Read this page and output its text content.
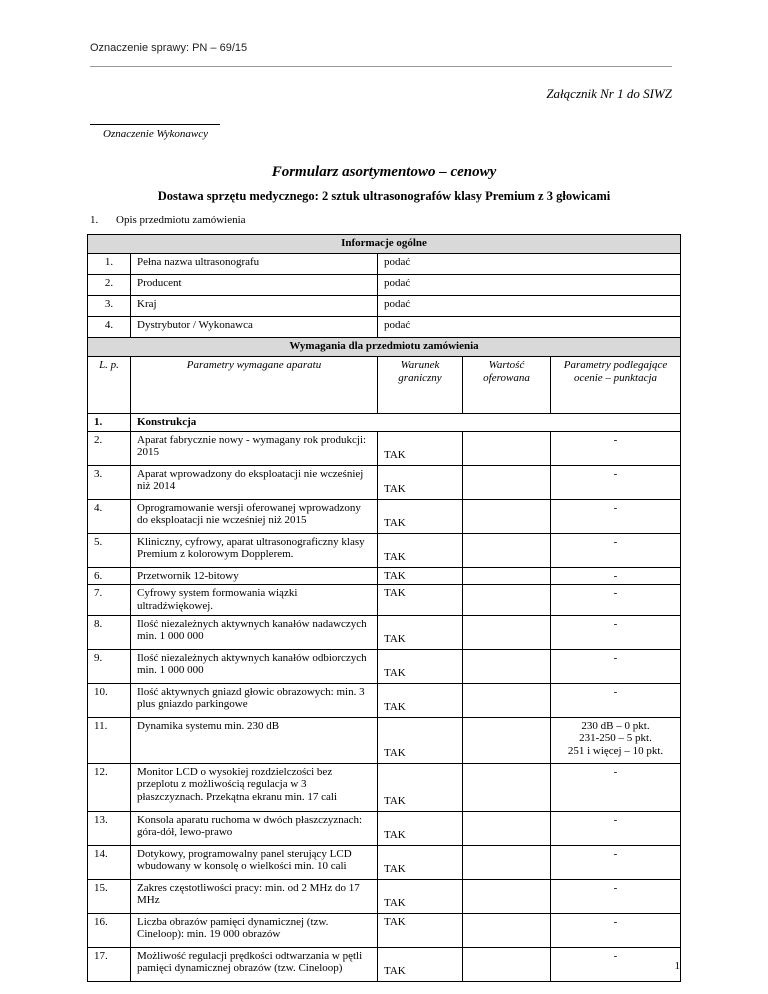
Oznaczenie sprawy: PN – 69/15
Załącznik Nr 1 do SIWZ
Oznaczenie Wykonawcy
Formularz asortymentowo – cenowy
Dostawa sprzętu medycznego: 2 sztuk ultrasonografów klasy Premium z 3 głowicami
1. Opis przedmiotu zamówienia
Informacje ogólne				
1.	Pełna nazwa ultrasonografu	podać		
2.	Producent	podać		
3.	Kraj	podać		
4.	Dystrybutor / Wykonawca	podać		
Wymagania dla przedmiotu zamówienia				
L. p.	Parametry wymagane aparatu	Warunek graniczny	Wartość oferowana	Parametry podlegające ocenie – punktacja
1.	Konstrukcja			
2.	Aparat fabrycznie nowy - wymagany rok produkcji: 2015	TAK		-
3.	Aparat wprowadzony do eksploatacji nie wcześniej niż 2014	TAK		-
4.	Oprogramowanie wersji oferowanej wprowadzony do eksploatacji nie wcześniej niż 2015	TAK		-
5.	Kliniczny, cyfrowy, aparat ultrasonograficzny klasy Premium z kolorowym Dopplerem.	TAK		-
6.	Przetwornik 12-bitowy	TAK		-
7.	Cyfrowy system formowania wiązki ultradźwiękowej.	TAK		-
8.	Ilość niezależnych aktywnych kanałów nadawczych min. 1 000 000	TAK		-
9.	Ilość niezależnych aktywnych kanałów odbiorczych min. 1 000 000	TAK		-
10.	Ilość aktywnych gniazd głowic obrazowych: min. 3 plus gniazdo parkingowe	TAK		-
11.	Dynamika systemu min. 230 dB	TAK		230 dB – 0 pkt.
231-250 – 5 pkt.
251 i więcej – 10 pkt.
12.	Monitor LCD o wysokiej rozdzielczości bez przeplotu z możliwością regulacja w 3 płaszczyznach. Przekątna ekranu min. 17 cali	TAK		-
13.	Konsola aparatu ruchoma w dwóch płaszczyznach: góra-dół, lewo-prawo	TAK		-
14.	Dotykowy, programowalny panel sterujący LCD wbudowany w konsolę o wielkości min. 10 cali	TAK		-
15.	Zakres częstotliwości pracy: min. od 2 MHz do 17 MHz	TAK		-
16.	Liczba obrazów pamięci dynamicznej (tzw. Cineloop): min. 19 000 obrazów	TAK		-
17.	Możliwość regulacji prędkości odtwarzania w pętli pamięci dynamicznej obrazów (tzw. Cineloop)	TAK		-
1
